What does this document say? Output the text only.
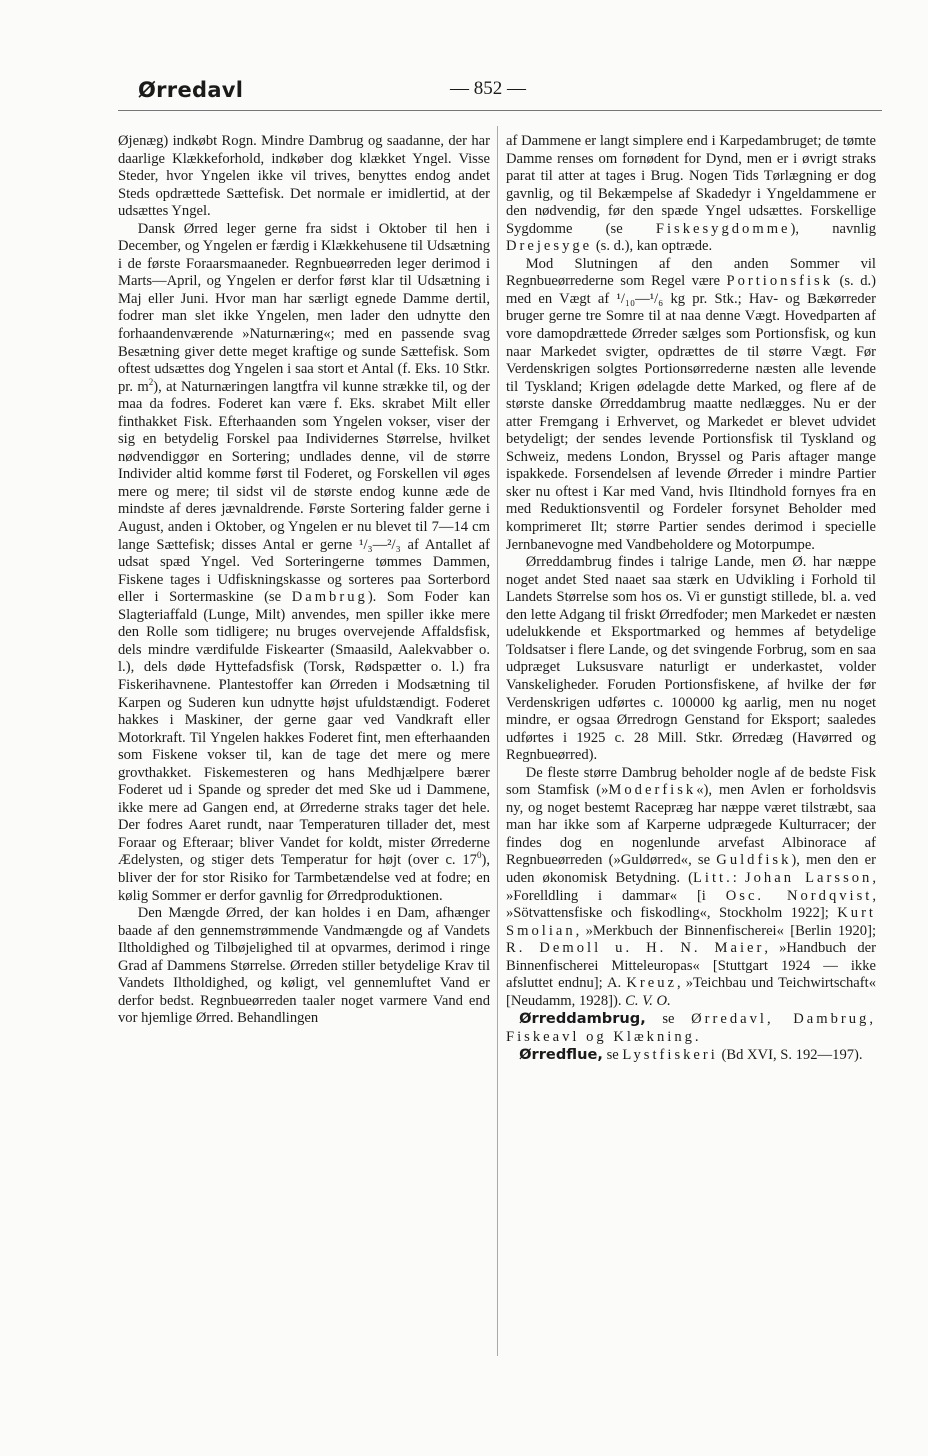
Ørredavl	— 852 —

Øjenæg) indkøbt Rogn. Mindre Dambrug og saadanne, der har daarlige Klækkeforhold, indkøber dog klækket Yngel. Visse Steder, hvor Yngelen ikke vil trives, benyttes endog andet Steds opdrættede Sættefisk. Det normale er imidlertid, at der udsættes Yngel.

Dansk Ørred leger gerne fra sidst i Oktober til hen i December, og Yngelen er færdig i Klækkehusene til Udsætning i de første Foraarsmaaneder. Regnbueørreden leger derimod i Marts—April, og Yngelen er derfor først klar til Udsætning i Maj eller Juni. Hvor man har særligt egnede Damme dertil, fodrer man slet ikke Yngelen, men lader den udnytte den forhaandenværende »Naturnæring«; med en passende svag Besætning giver dette meget kraftige og sunde Sættefisk. Som oftest udsættes dog Yngelen i saa stort et Antal (f. Eks. 10 Stkr. pr. $m^2$), at Naturnæringen langtfra vil kunne strække til, og der maa da fodres. Foderet kan være f. Eks. skrabet Milt eller finthakket Fisk. Efterhaanden som Yngelen vokser, viser der sig en betydelig Forskel paa Individernes Størrelse, hvilket nødvendiggør en Sortering; undlades denne, vil de større Individer altid komme først til Foderet, og Forskellen vil øges mere og mere; til sidst vil de største endog kunne æde de mindste af deres jævnaldrende. Første Sortering falder gerne i August, anden i Oktober, og Yngelen er nu blevet til 7—14 cm lange Sættefisk; disses Antal er gerne ¹/₃—²/₃ af Antallet af udsat spæd Yngel. Ved Sorteringerne tømmes Dammen, Fiskene tages i Udfiskningskasse og sorteres paa Sorterbord eller i Sortermaskine (se Dambrug). Som Foder kan Slagteriaffald (Lunge, Milt) anvendes, men spiller ikke mere den Rolle som tidligere; nu bruges overvejende Affaldsfisk, dels mindre værdifulde Fiskearter (Smaasild, Aalekvabber o. l.), dels døde Hyttefadsfisk (Torsk, Rødspætter o. l.) fra Fiskerihavnene. Plantestoffer kan Ørreden i Modsætning til Karpen og Suderen kun udnytte højst ufuldstændigt. Foderet hakkes i Maskiner, der gerne gaar ved Vandkraft eller Motorkraft. Til Yngelen hakkes Foderet fint, men efterhaanden som Fiskene vokser til, kan de tage det mere og mere grovthakket. Fiskemesteren og hans Medhjælpere bærer Foderet ud i Spande og spreder det med Ske ud i Dammene, ikke mere ad Gangen end, at Ørrederne straks tager det hele. Der fodres Aaret rundt, naar Temperaturen tillader det, mest Foraar og Efteraar; bliver Vandet for koldt, mister Ørrederne Ædelysten, og stiger dets Temperatur for højt (over c. $17^0$), bliver der for stor Risiko for Tarmbetændelse ved at fodre; en kølig Sommer er derfor gavnlig for Ørredproduktionen.

Den Mængde Ørred, der kan holdes i en Dam, afhænger baade af den gennemstrømmende Vandmængde og af Vandets Iltholdighed og Tilbøjelighed til at opvarmes, derimod i ringe Grad af Dammens Størrelse. Ørreden stiller betydelige Krav til Vandets Iltholdighed, og køligt, vel gennemluftet Vand er derfor bedst. Regnbueørreden taaler noget varmere Vand end vor hjemlige Ørred. Behandlingen

af Dammene er langt simplere end i Karpedambruget; de tømte Damme renses om fornødent for Dynd, men er i øvrigt straks parat til atter at tages i Brug. Nogen Tids Tørlægning er dog gavnlig, og til Bekæmpelse af Skadedyr i Yngeldammene er den nødvendig, før den spæde Yngel udsættes. Forskellige Sygdomme (se Fiskesygdomme), navnlig Drejesyge (s. d.), kan optræde.

Mod Slutningen af den anden Sommer vil Regnbueørrederne som Regel være Portionsfisk (s. d.) med en Vægt af ¹/₁₀—¹/₆ kg pr. Stk.; Hav- og Bækørreder bruger gerne tre Somre til at naa denne Vægt. Hovedparten af vore damopdrættede Ørreder sælges som Portionsfisk, og kun naar Markedet svigter, opdrættes de til større Vægt. Før Verdenskrigen solgtes Portionsørrederne næsten alle levende til Tyskland; Krigen ødelagde dette Marked, og flere af de største danske Ørreddambrug maatte nedlægges. Nu er der atter Fremgang i Erhvervet, og Markedet er blevet udvidet betydeligt; der sendes levende Portionsfisk til Tyskland og Schweiz, medens London, Bryssel og Paris aftager mange ispakkede. Forsendelsen af levende Ørreder i mindre Partier sker nu oftest i Kar med Vand, hvis Iltindhold fornyes fra en med Reduktionsventil og Fordeler forsynet Beholder med komprimeret Ilt; større Partier sendes derimod i specielle Jernbanevogne med Vandbeholdere og Motorpumpe.

Ørreddambrug findes i talrige Lande, men Ø. har næppe noget andet Sted naaet saa stærk en Udvikling i Forhold til Landets Størrelse som hos os. Vi er gunstigt stillede, bl. a. ved den lette Adgang til friskt Ørredfoder; men Markedet er næsten udelukkende et Eksportmarked og hemmes af betydelige Toldsatser i flere Lande, og det svingende Forbrug, som en saa udpræget Luksusvare naturligt er underkastet, volder Vanskeligheder. Foruden Portionsfiskene, af hvilke der før Verdenskrigen udførtes c. 100000 kg aarlig, men nu noget mindre, er ogsaa Ørredrogn Genstand for Eksport; saaledes udførtes i 1925 c. 28 Mill. Stkr. Ørredæg (Havørred og Regnbueørred).

De fleste større Dambrug beholder nogle af de bedste Fisk som Stamfisk (»Moderfisk«), men Avlen er forholdsvis ny, og noget bestemt Racepræg har næppe været tilstræbt, saa man har ikke som af Karperne udprægede Kulturracer; der findes dog en nogenlunde arvefast Albinorace af Regnbueørreden (»Guldørred«, se Guldfisk), men den er uden økonomisk Betydning. (Litt.: Johan Larsson, »Forelldling i dammar« [i Osc. Nordqvist, »Sötvattensfiske och fiskodling«, Stockholm 1922]; Kurt Smolian, »Merkbuch der Binnenfischerei« [Berlin 1920]; R. Demoll u. H. N. Maier, »Handbuch der Binnenfischerei Mitteleuropas« [Stuttgart 1924 — ikke afsluttet endnu]; A. Kreuz, »Teichbau und Teichwirtschaft« [Neudamm, 1928]). C. V. O.

Ørreddambrug, se Ørredavl, Dambrug, Fiskeavl og Klækning.

Ørredflue, se Lystfiskeri (Bd XVI, S. 192—197).
